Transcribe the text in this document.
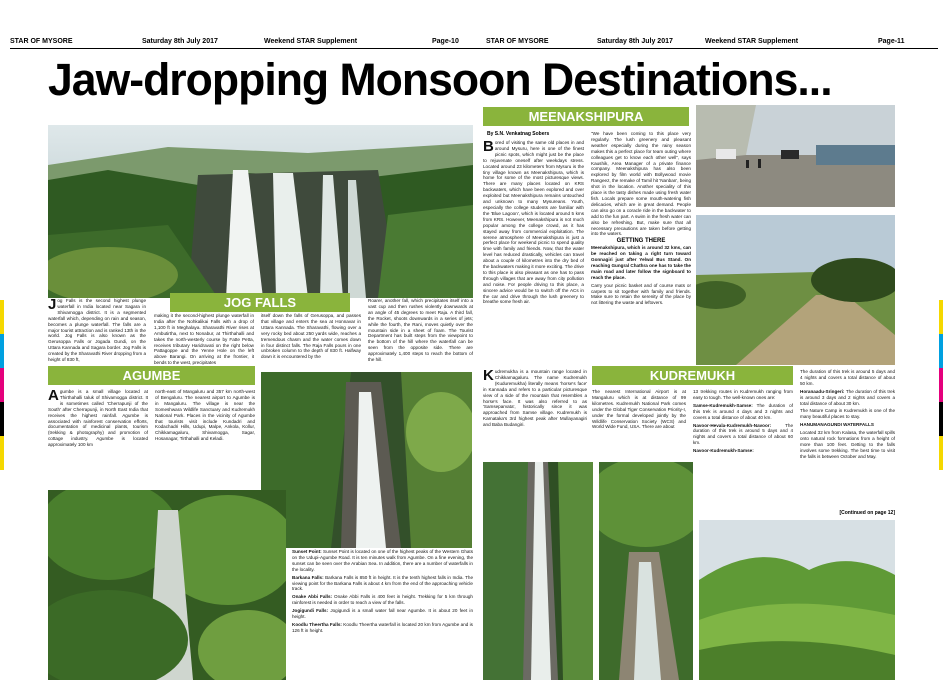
STAR OF MYSORE	Saturday 8th July 2017	Weekend STAR Supplement	Page-10	STAR OF MYSORE	Saturday 8th July 2017	Weekend STAR Supplement	Page-11
Jaw-dropping Monsoon Destinations...
JOG FALLS
Jog Falls is the second highest plunge waterfall in India located near Sagara in Shivamogga district. It is a segmented waterfall which, depending on rain and season, becomes a plunge waterfall. The falls are a major tourist attraction and is ranked 13th in the world. Jog Falls is also known as the Gerusoppa Falls or Jogada Gundi, on the Uttara Kannada and Sagara border. Jog Falls is created by the Sharavathi River dropping from a height of 830 ft,
making it the second-highest plunge waterfall in India after the Nohkalikai Falls with a drop of 1,100 ft in Meghalaya. Sharavathi River rises at Ambutirtha, next to Nonabur, at Thirthahalli and takes the north-westerly course by Fatte Petta, receives tributary Haridravati on the right below Pattagoppe and the Yenne Hole on the left above Barangi. On arriving at the frontier, it bends to the west, precipitates
itself down the falls of Gerusoppa, and passes that village and enters the sea at Honnavar in Uttara Kannada. The Sharavathi, flowing over a very rocky bed about 250 yards wide, reaches a tremendous chasm and the water comes down in four distinct falls. The Raja Falls pours in one unbroken column to the depth of 830 ft. Halfway down it is encountered by the
Roarer, another fall, which precipitates itself into a vast cup and then rushes violently downwards at an angle of 45 degrees to meet Raja. A third fall, the Rocket, shoots downwards in a series of jets; while the fourth, the Rani, moves quietly over the mountain side in a sheet of foam. The Tourist Department has built steps from the viewpoint to the bottom of the hill where the waterfall can be seen from the opposite side. There are approximately 1,400 steps to reach the bottom of the hill.
MEENAKSHIPURA
By S.N. Venkatnag Sobers
Bored of visiting the same old places in and around Mysuru, here is one of the finest picnic spots, which might just be the place to rejuvenate oneself after weekdays stress. Located around 23 kilometers from Mysuru is the tiny village known as Meenakshipura, which is home for some of the most picturesque views. There are many places located on KRS backwaters, which have been explored and over exploited but Meenakshipura remains untouched and unknown to many Mysureans. Youth, especially the college students are familiar with the 'Blue Lagoon', which is located around 5 kms from KRS. However, Meenakshipura is not much popular among the college crowd, as it has stayed away from commercial exploitation. The serene atmosphere of Meenakshipura is just a perfect place for weekend picnic to spend quality time with family and friends. Now, that the water level has reduced drastically, vehicles can travel about a couple of kilometres into the dry bed of the backwaters making it more exciting. The drive to this place is also pleasant as one has to pass through villages that are away from city pollution and noise. For people driving to this place, a sincere advice would be to switch off the ACs in the car and drive through the lush greenery to breathe some fresh air.

"We have been coming to this place very regularly. The lush greenery and pleasant weather especially during the rainy season makes this a perfect place for team outing where colleagues get to know each other well", says Kaushik, Area Manager of a private finance company. Meenakshipura has also been explored by film world with Bollywood movie Rangeez, the remake of Tamil hit 'Nanban', being shot in the location. Another speciality of this place is the tasty dishes made using fresh water fish. Locals prepare some mouth-watering fish delicacies, which are in great demand. People can also go on a coracle ride in the backwater to add to the fun part. A swim in the fresh water can also be refreshing. But, make sure that all necessary precautions are taken before getting into the waters.

GETTING THERE

Meenakshipura, which is around 32 kms, can be reached on taking a right turn toward Gonnagiri just after Yelwal Bus Stand. On reaching Gungral Chathra one has to take the main road and later follow the signboard to reach the place.

Carry your picnic basket and of course mats or carpets to sit together with family and friends. Make sure to retain the serenity of the place by not littering the waste and leftovers.

AGUMBE
Agumbe is a small village located at Thirthahalli taluk of Shivamogga district. It is sometimes called 'Cherrapunji of the South' after Cherrapunji, in North East India that receives the highest rainfall. Agumbe is associated with rainforest conservation efforts, documentation of medicinal plants, tourism (trekking & photography) and promotion of cottage industry. Agumbe is located approximately 100 km
north-east of Mangaluru and 357 km north-west of Bengaluru. The nearest airport to Agumbe is in Mangaluru. The village is near the Someshwara Wildlife Sanctuary and Kudremukh National Park. Places in the vicinity of Agumbe that tourists visit include Kundadri and Kodachadri Hills, Udupi, Malpe, Ankola, Kollur, Chikkamagaluru, Shivamogga, Sagar, Hosanagar, Tirthahalli and Keladi.

Sunset Point: Sunset Point is located on one of the highest peaks of the Western Ghats on the Udupi-Agumbe Road. It is ten minutes walk from Agumbe. On a fine evening, the sunset can be seen over the Arabian Sea. In addition, there are a number of waterfalls in the locality.

Barkana Falls: Barkana Falls is 850 ft in height. It is the tenth highest falls in India. The viewing point for the Barkana Falls is about 4 km from the end of the approaching vehicle track.

Onake Abbi Falls: Onake Abbi Falls is 400 feet in height. Trekking for 5 km through rainforest is needed in order to reach a view of the falls.

Jogigundi Falls: Jogigundi is a small water fall near Agumbe. It is about 20 feet in height.

Koodlu Theertha Falls: Koodlu Theertha waterfall is located 20 km from Agumbe and is 126 ft in height.

Kudremukha is a mountain range located in Chikkamagaluru. The name Kudremukh (Kuduremukha) literally means 'horse's face' in Kannada and refers to a particular picturesque view of a side of the mountain that resembles a horse's face. It was also referred to as 'Samseparvata', historically since it was approached from Samse village. Kudremukh is Karnataka's 3rd highest peak after Mullayanagiri and Baba Budangiri.
KUDREMUKH
The nearest International Airport is at Mangaluru which is at distance of 99 kilometres. Kudremukh National Park comes under the Global Tiger Conservation Priority-I, under the formal developed jointly by the Wildlife Conservation Society (WCS) and World Wide Fund, USA. There are about

13 trekking routes in Kudremukh ranging from easy to tough. The well-known ones are:

Samse-Kudremukh-Samse: The duration of this trek is around 4 days and 3 nights and covers a total distance of about 40 km.

Navoor-Hevala-Kudremukh-Navoor:	The duration of this trek is around 5 days and 4 nights and covers a total distance of about 60 km.

Navoor-Kudremukh-Samse:

The duration of this trek is around 5 days and 4 nights and covers a total distance of about 50 km.

Horanaadu-Sringeri: The duration of this trek is around 3 days and 2 nights and covers a total distance of about 30 km.

The Nature Camp in Kudremukh is one of the many beautiful places to stay.

HANUMANAGUNDI WATERFALLS

Located 32 km from Kalasa, the waterfall spills onto natural rock formations from a height of more than 100 feet. Getting to the falls involves some trekking. The best time to visit the falls is between October and May.

[Continued on page 12]
